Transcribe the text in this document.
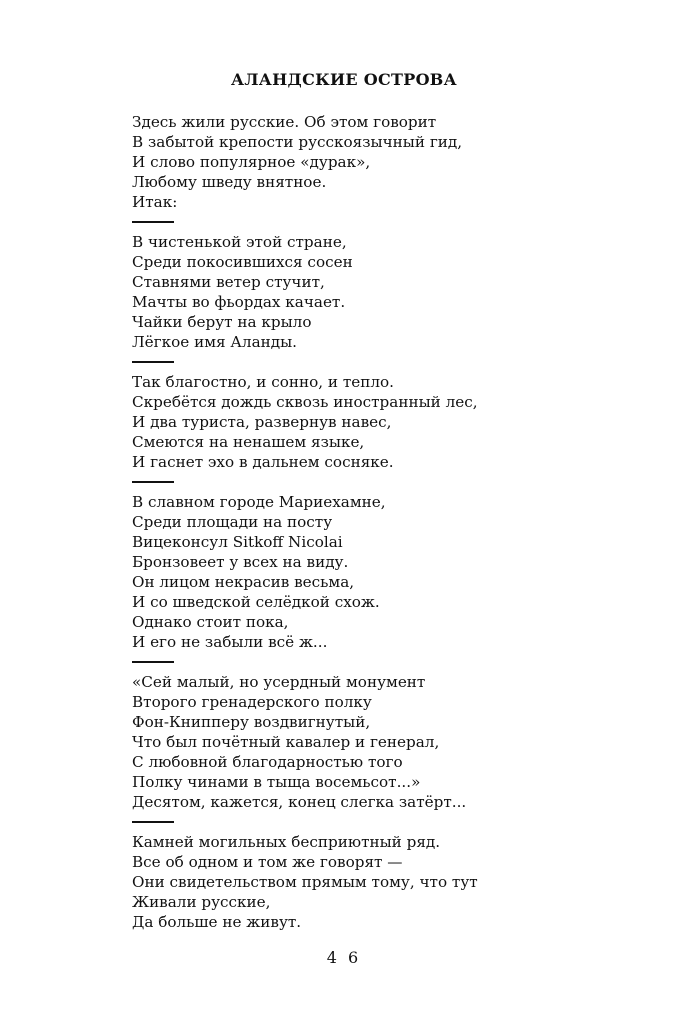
АЛАНДСКИЕ ОСТРОВА
Здесь жили русские. Об этом говорит
В забытой крепости русскоязычный гид,
И слово популярное «дурак»,
Любому шведу внятное.
Итак:
В чистенькой этой стране,
Среди покосившихся сосен
Ставнями ветер стучит,
Мачты во фьордах качает.
Чайки берут на крыло
Лёгкое имя Аланды.
Так благостно, и сонно, и тепло.
Скребётся дождь сквозь иностранный лес,
И два туриста, развернув навес,
Смеются на ненашем языке,
И гаснет эхо в дальнем сосняке.
В славном городе Мариехамне,
Среди площади на посту
Вицеконсул Sitkoff Nicolai
Бронзовеет у всех на виду.
Он лицом некрасив весьма,
И со шведской селёдкой схож.
Однако стоит пока,
И его не забыли всё ж...
«Сей малый, но усердный монумент
Второго гренадерского полку
Фон-Книпперу воздвигнутый,
Что был почётный кавалер и генерал,
С любовной благодарностью того
Полку чинами в тыща восемьсот...»
Десятом, кажется, конец слегка затёрт...
Камней могильных бесприютный ряд.
Все об одном и том же говорят —
Они свидетельством прямым тому, что тут
Живали русские,
Да больше не живут.
4 6
